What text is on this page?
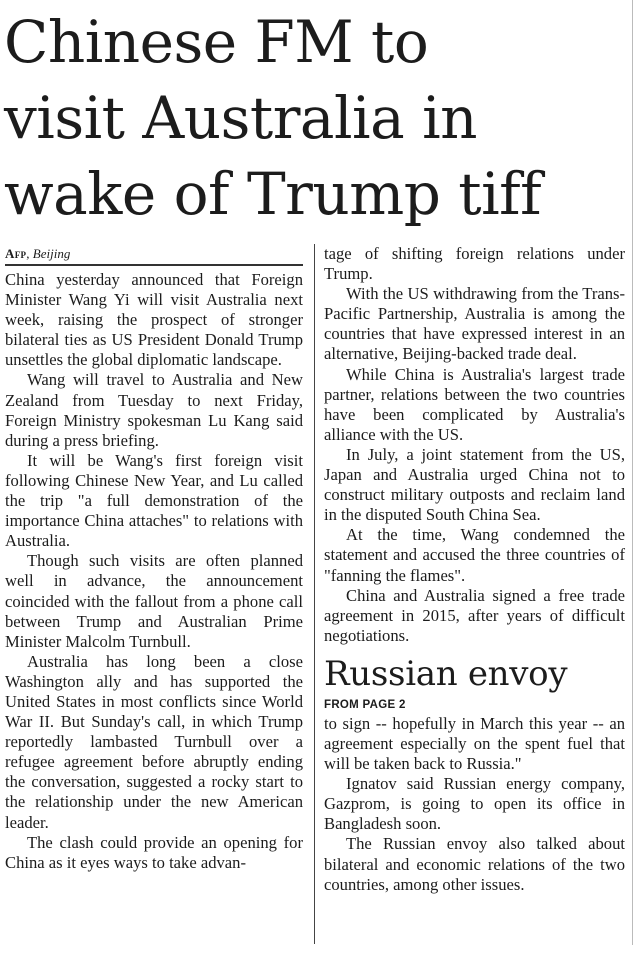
Chinese FM to
visit Australia in
wake of Trump tiff
Afp, Beijing

China yesterday announced that Foreign Minister Wang Yi will visit Australia next week, raising the prospect of stronger bilateral ties as US President Donald Trump unsettles the global diplomatic landscape.

Wang will travel to Australia and New Zealand from Tuesday to next Friday, Foreign Ministry spokesman Lu Kang said during a press briefing.

It will be Wang's first foreign visit following Chinese New Year, and Lu called the trip "a full demonstration of the importance China attaches" to relations with Australia.

Though such visits are often planned well in advance, the announcement coincided with the fallout from a phone call between Trump and Australian Prime Minister Malcolm Turnbull.

Australia has long been a close Washington ally and has supported the United States in most conflicts since World War II. But Sunday's call, in which Trump reportedly lambasted Turnbull over a refugee agreement before abruptly ending the conversation, suggested a rocky start to the relationship under the new American leader.

The clash could provide an opening for China as it eyes ways to take advan-

tage of shifting foreign relations under Trump.

With the US withdrawing from the Trans-Pacific Partnership, Australia is among the countries that have expressed interest in an alternative, Beijing-backed trade deal.

While China is Australia's largest trade partner, relations between the two countries have been complicated by Australia's alliance with the US.

In July, a joint statement from the US, Japan and Australia urged China not to construct military outposts and reclaim land in the disputed South China Sea.

At the time, Wang condemned the statement and accused the three countries of "fanning the flames".

China and Australia signed a free trade agreement in 2015, after years of difficult negotiations.

Russian envoy
FROM PAGE 2

to sign -- hopefully in March this year -- an agreement especially on the spent fuel that will be taken back to Russia."

Ignatov said Russian energy company, Gazprom, is going to open its office in Bangladesh soon.

The Russian envoy also talked about bilateral and economic relations of the two countries, among other issues.
